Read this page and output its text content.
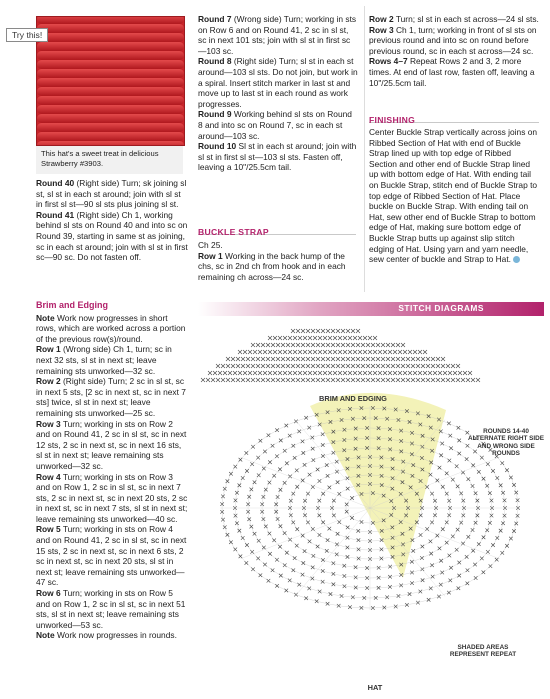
Try this!
This hat's a sweet treat in delicious Strawberry #3903.
Round 40 (Right side) Turn; sk joining sl st, sl st in each st around; join with sl st in first sl st—90 sl sts plus joining sl st.
Round 41 (Right side) Ch 1, working behind sl sts on Round 40 and into sc on Round 39, starting in same st as joining, sc in each st around; join with sl st in first sc—90 sc. Do not fasten off.
Brim and Edging
Note Work now progresses in short rows, which are worked across a portion of the previous row(s)/round.
Row 1 (Wrong side) Ch 1, turn; sc in next 32 sts, sl st in next st; leave remaining sts unworked—32 sc.
Row 2 (Right side) Turn; 2 sc in sl st, sc in next 5 sts, [2 sc in next st, sc in next 7 sts] twice, sl st in next st; leave remaining sts unworked—25 sc.
Row 3 Turn; working in sts on Row 2 and on Round 41, 2 sc in sl st, sc in next 12 sts, 2 sc in next st, sc in next 16 sts, sl st in next st; leave remaining sts unworked—32 sc.
Row 4 Turn; working in sts on Row 3 and on Row 1, 2 sc in sl st, sc in next 7 sts, 2 sc in next st, sc in next 20 sts, 2 sc in next st, sc in next 7 sts, sl st in next st; leave remaining sts unworked—40 sc.
Row 5 Turn; working in sts on Row 4 and on Round 41, 2 sc in sl st, sc in next 15 sts, 2 sc in next st, sc in next 6 sts, 2 sc in next st, sc in next 20 sts, sl st in next st; leave remaining sts unworked—47 sc.
Row 6 Turn; working in sts on Row 5 and on Row 1, 2 sc in sl st, sc in next 51 sts, sl st in next st; leave remaining sts unworked—53 sc.
Note Work now progresses in rounds.
Round 7 (Wrong side) Turn; working in sts on Row 6 and on Round 41, 2 sc in sl st, sc in next 101 sts; join with sl st in first sc—103 sc.
Round 8 (Right side) Turn; sl st in each st around—103 sl sts. Do not join, but work in a spiral. Insert stitch marker in last st and move up to last st in each round as work progresses.
Round 9 Working behind sl sts on Round 8 and into sc on Round 7, sc in each st around—103 sc.
Round 10 Sl st in each st around; join with sl st in first sl st—103 sl sts. Fasten off, leaving a 10"/25.5cm tail.
BUCKLE STRAP
Ch 25.
Row 1 Working in the back hump of the chs, sc in 2nd ch from hook and in each remaining ch across—24 sc.
Row 2 Turn; sl st in each st across—24 sl sts.
Row 3 Ch 1, turn; working in front of sl sts on previous round and into sc on round before previous round, sc in each st across—24 sc.
Rows 4–7 Repeat Rows 2 and 3, 2 more times. At end of last row, fasten off, leaving a 10"/25.5cm tail.
FINISHING
Center Buckle Strap vertically across joins on Ribbed Section of Hat with end of Buckle Strap lined up with top edge of Ribbed Section and other end of Buckle Strap lined up with bottom edge of Hat. With ending tail on Buckle Strap, stitch end of Buckle Strap to top edge of Ribbed Section of Hat. Place buckle on Buckle Strap. With ending tail on Hat, sew other end of Buckle Strap to bottom edge of Hat, making sure bottom edge of Buckle Strap butts up against slip stitch edging of Hat. Using yarn and yarn needle, sew center of buckle and Strap to Hat.
STITCH DIAGRAMS
BRIM AND EDGING
ROUNDS 14-40 ALTERNATE RIGHT SIDE AND WRONG SIDE ROUNDS
SHADED AREAS REPRESENT REPEAT
HAT
